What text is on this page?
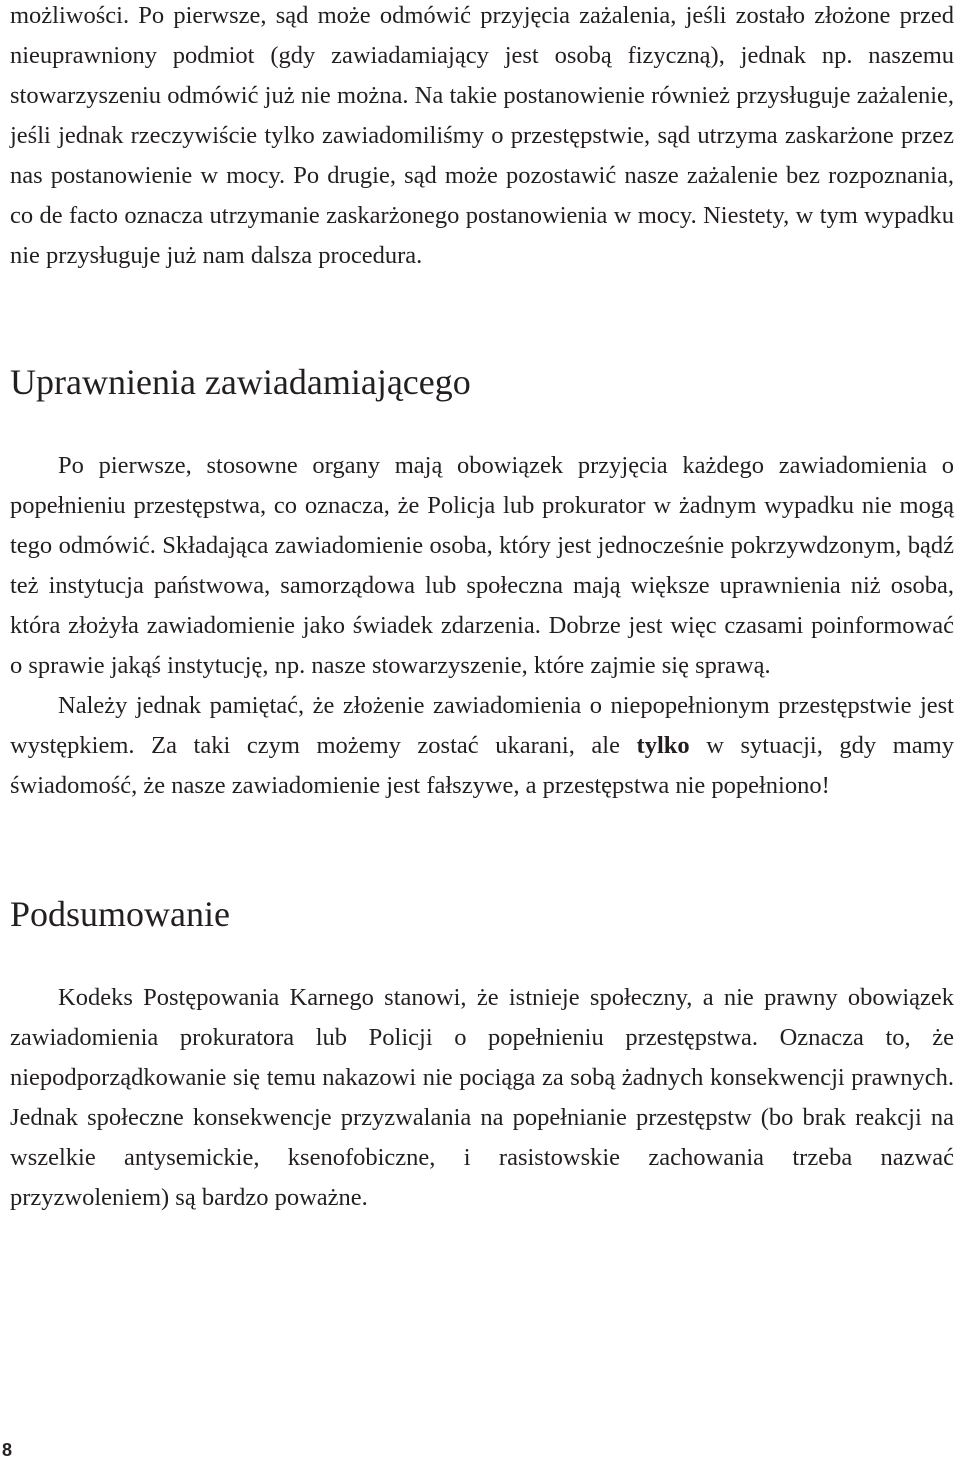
możliwości. Po pierwsze, sąd może odmówić przyjęcia zażalenia, jeśli zostało złożone przed nieuprawniony podmiot (gdy zawiadamiający jest osobą fizyczną), jednak np. naszemu stowarzyszeniu odmówić już nie można. Na takie postanowienie również przysługuje zażalenie, jeśli jednak rzeczywiście tylko zawiadomiliśmy o przestępstwie, sąd utrzyma zaskarżone przez nas postanowienie w mocy. Po drugie, sąd może pozostawić nasze zażalenie bez rozpoznania, co de facto oznacza utrzymanie zaskarżonego postanowienia w mocy. Niestety, w tym wypadku nie przysługuje już nam dalsza procedura.

Uprawnienia zawiadamiającego

Po pierwsze, stosowne organy mają obowiązek przyjęcia każdego zawiadomienia o popełnieniu przestępstwa, co oznacza, że Policja lub prokurator w żadnym wypadku nie mogą tego odmówić. Składająca zawiadomienie osoba, który jest jednocześnie pokrzywdzonym, bądź też instytucja państwowa, samorządowa lub społeczna mają większe uprawnienia niż osoba, która złożyła zawiadomienie jako świadek zdarzenia. Dobrze jest więc czasami poinformować o sprawie jakąś instytucję, np. nasze stowarzyszenie, które zajmie się sprawą.

Należy jednak pamiętać, że złożenie zawiadomienia o niepopełnionym przestępstwie jest występkiem. Za taki czym możemy zostać ukarani, ale tylko w sytuacji, gdy mamy świadomość, że nasze zawiadomienie jest fałszywe, a przestępstwa nie popełniono!

Podsumowanie

Kodeks Postępowania Karnego stanowi, że istnieje społeczny, a nie prawny obowiązek zawiadomienia prokuratora lub Policji o popełnieniu przestępstwa. Oznacza to, że niepodporządkowanie się temu nakazowi nie pociąga za sobą żadnych konsekwencji prawnych. Jednak społeczne konsekwencje przyzwalania na popełnianie przestępstw (bo brak reakcji na wszelkie antysemickie, ksenofobiczne, i rasistowskie zachowania trzeba nazwać przyzwoleniem) są bardzo poważne.

8
